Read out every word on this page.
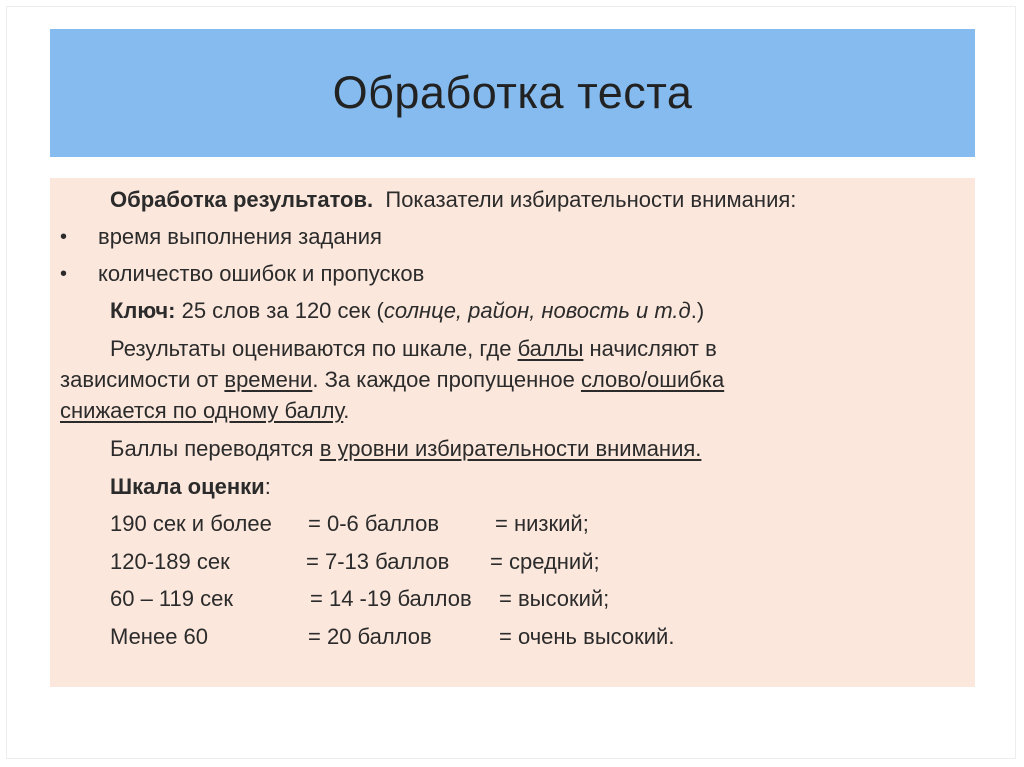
Обработка теста
Обработка результатов. Показатели избирательности внимания:
• время выполнения задания
• количество ошибок и пропусков
Ключ: 25 слов за 120 сек (солнце, район, новость и т.д.)
Результаты оцениваются по шкале, где баллы начисляют в
зависимости от времени. За каждое пропущенное слово/ошибка
снижается по одному баллу.
Баллы переводятся в уровни избирательности внимания.
Шкала оценки:
190 сек и более = 0-6 баллов	= низкий;
120-189 сек	= 7-13 баллов = средний;
60 – 119 сек	= 14 -19 баллов = высокий;
Менее 60	= 20 баллов	= очень высокий.
